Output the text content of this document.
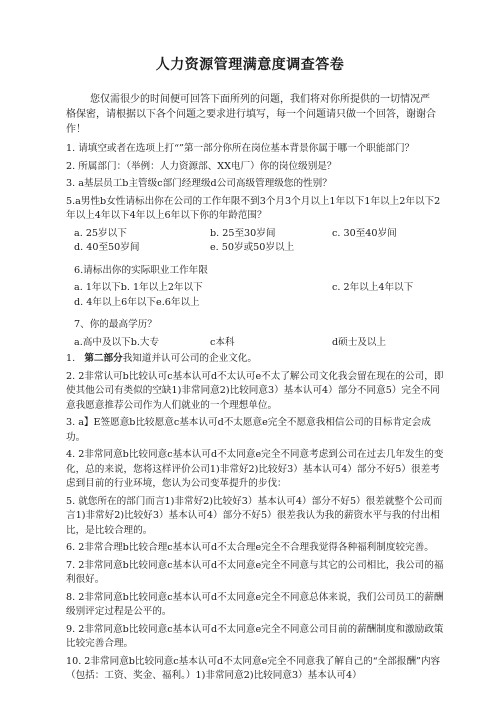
人力资源管理满意度调查答卷
您仅需很少的时间便可回答下面所列的问题，我们将对你所提供的一切情况严格保密，请根据以下各个问题之要求进行填写，每一个问题请只做一个回答，谢谢合作！

1. 请填空或者在选项上打“”第一部分你所在岗位基本背景你属于哪一个职能部门？

2. 所属部门：（举例：人力资源部、XX电厂）你的岗位级别是？

3. a基层员工b主管级c部门经理级d公司高级管理级您的性别？

5.a男性b女性请标出你在公司的工作年限不到3个月3个月以上1年以下1年以上2年以下2年以上4年以下4年以上6年以下你的年龄范围？

a. 25岁以下	b. 25至30岁间	c. 30至40岁间
d. 40至50岁间	e. 50岁或50岁以上

6.请标出你的实际职业工作年限

a. 1年以下b. 1年以上2年以下	c. 2年以上4年以下
d. 4年以上6年以下e.6年以上

7、你的最高学历？

a.高中及以下b.大专	c本科	d硕士及以上

1. 第二部分我知道并认可公司的企业文化。

2. 2非常认可b比较认可c基本认可d不太认可e不太了解公司文化我会留在现在的公司，即使其他公司有类似的空缺1)非常同意2)比较同意3）基本认可4）部分不同意5）完全不同意我愿意推荐公司作为人们就业的一个理想单位。

3. a】E签愿意b比较愿意c基本认可d不太愿意e完全不愿意我相信公司的目标肯定会成功。

4. 2非常同意b比较同意c基本认可d不太同意e完全不同意考虑到公司在过去几年发生的变化，总的来说，您将这样评价公司1)非常好2)比较好3）基本认可4）部分不好5）很差考虑到目前的行业环境，您认为公司变革提升的步伐：

5. 就您所在的部门而言1)非常好2)比较好3）基本认可4）部分不好5）很差就整个公司而言1)非常好2)比较好3）基本认可4）部分不好5）很差我认为我的薪资水平与我的付出相比，是比较合理的。

6. 2非常合理b比较合理c基本认可d不太合理e完全不合理我觉得各种福利制度较完善。

7. 2非常同意b比较同意c基本认可d不太同意e完全不同意与其它的公司相比，我公司的福利很好。

8. 2非常同意b比较同意c基本认可d不太同意e完全不同意总体来说，我们公司员工的薪酬级别评定过程是公平的。

9. 2非常同意b比较同意c基本认可d不太同意e完全不同意公司目前的薪酬制度和激励政策比较完善合理。

10. 2非常同意b比较同意c基本认可d不太同意e完全不同意我了解自己的“全部报酬”内容（包括：工资、奖金、福利。）1)非常同意2)比较同意3）基本认可4）
